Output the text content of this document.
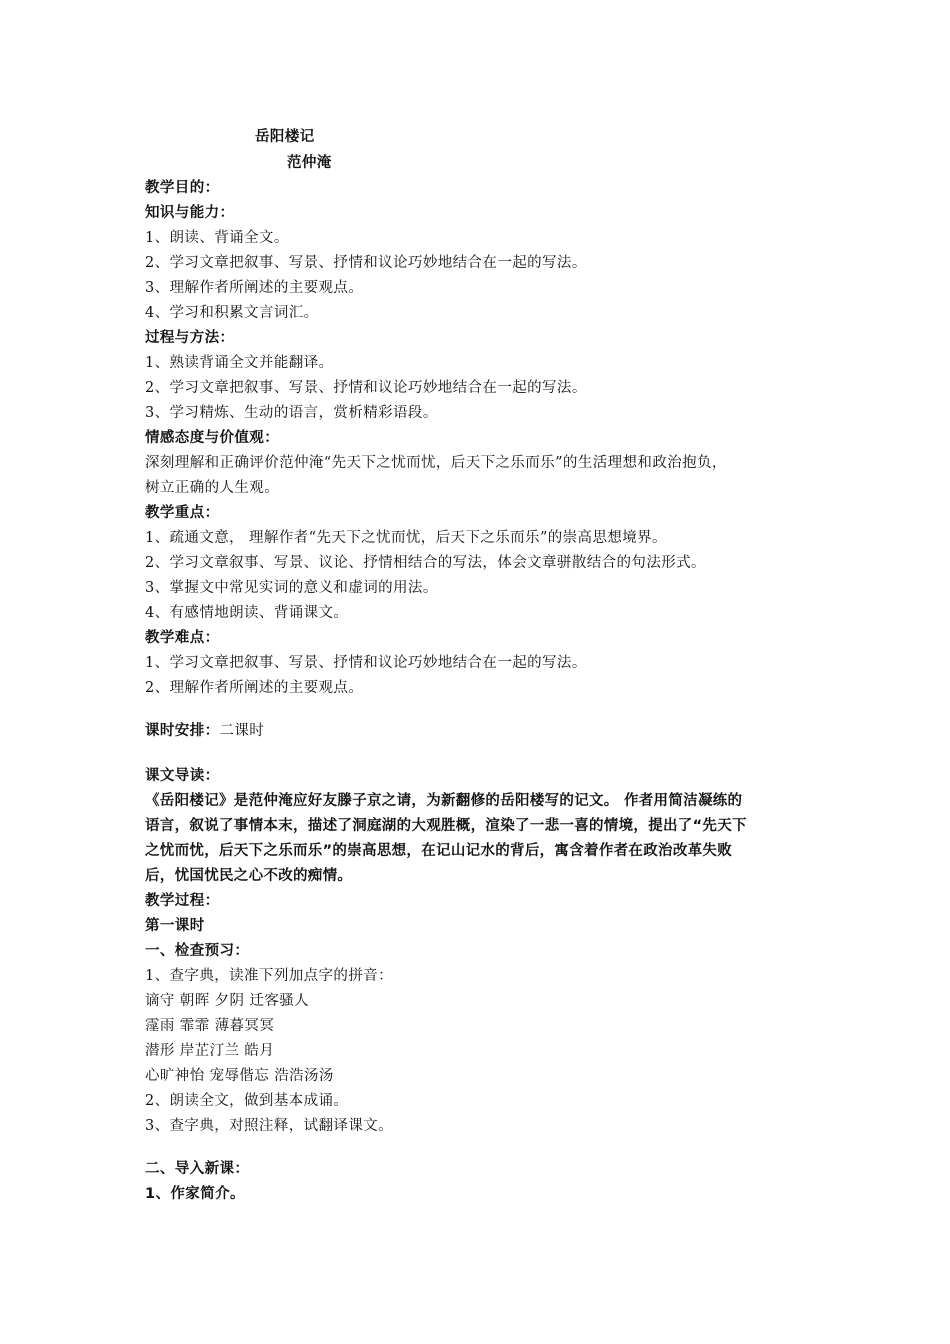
岳阳楼记
范仲淹
教学目的：
知识与能力：
1、朗读、背诵全文。
2、学习文章把叙事、写景、抒情和议论巧妙地结合在一起的写法。
3、理解作者所阐述的主要观点。
4、学习和积累文言词汇。
过程与方法：
1、熟读背诵全文并能翻译。
2、学习文章把叙事、写景、抒情和议论巧妙地结合在一起的写法。
3、学习精炼、生动的语言，赏析精彩语段。
情感态度与价值观：
深刻理解和正确评价范仲淹“先天下之忧而忧，后天下之乐而乐”的生活理想和政治抱负，
树立正确的人生观。
教学重点：
1、疏通文意， 理解作者“先天下之忧而忧，后天下之乐而乐”的崇高思想境界。
2、学习文章叙事、写景、议论、抒情相结合的写法，体会文章骈散结合的句法形式。
3、掌握文中常见实词的意义和虚词的用法。
4、有感情地朗读、背诵课文。
教学难点：
1、学习文章把叙事、写景、抒情和议论巧妙地结合在一起的写法。
2、理解作者所阐述的主要观点。
课时安排：二课时
课文导读：
《岳阳楼记》是范仲淹应好友滕子京之请，为新翻修的岳阳楼写的记文。 作者用简洁凝练的
语言，叙说了事情本末，描述了洞庭湖的大观胜概，渲染了一悲一喜的情境，提出了“先天下
之忧而忧，后天下之乐而乐”的崇高思想，在记山记水的背后，寓含着作者在政治改革失败
后，忧国忧民之心不改的痴情。
教学过程：
第一课时
一、检查预习：
1、查字典，读准下列加点字的拼音：
谪守 朝晖 夕阴 迁客骚人
霪雨 霏霏 薄暮冥冥
潜形 岸芷汀兰 皓月
心旷神怡 宠辱偕忘 浩浩汤汤
2、朗读全文，做到基本成诵。
3、查字典，对照注释，试翻译课文。
二、导入新课：
1、作家简介。
